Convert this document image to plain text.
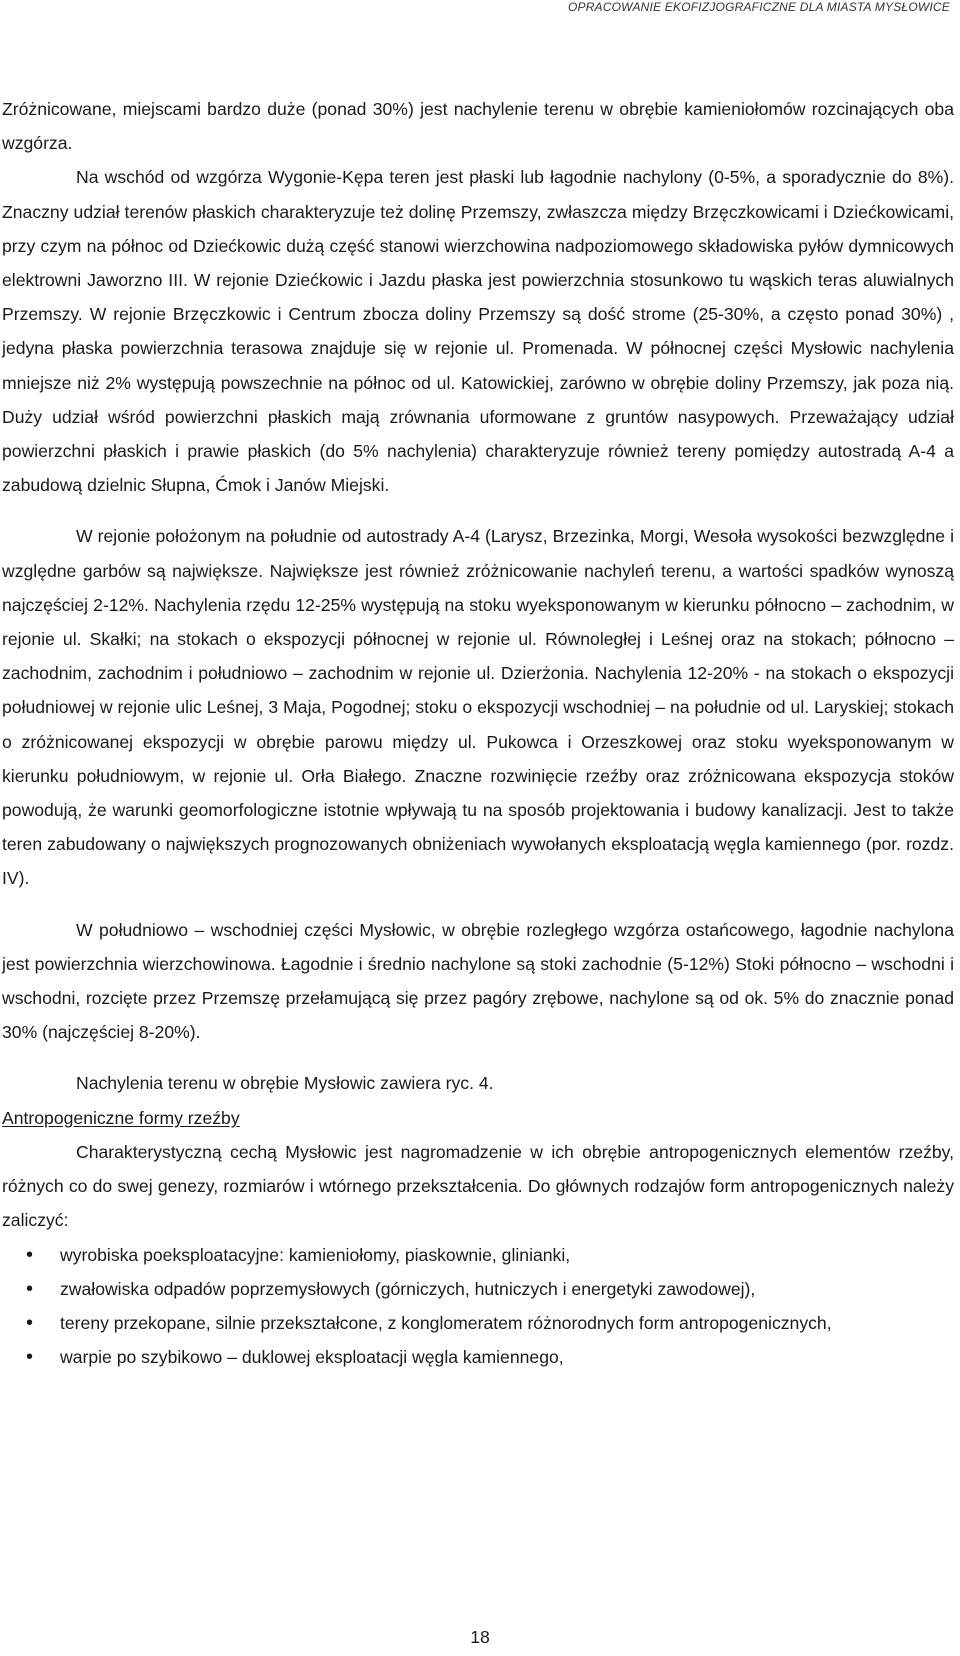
OPRACOWANIE EKOFIZJOGRAFICZNE DLA MIASTA MYSŁOWICE

Zróżnicowane, miejscami bardzo duże (ponad 30%) jest nachylenie terenu w obrębie kamieniołomów rozcinających oba wzgórza.

Na wschód od wzgórza Wygonie-Kępa teren jest płaski lub łagodnie nachylony (0-5%, a sporadycznie do 8%). Znaczny udział terenów płaskich charakteryzuje też dolinę Przemszy, zwłaszcza między Brzęczkowicami i Dziećkowicami, przy czym na północ od Dziećkowic dużą część stanowi wierzchowina nadpoziomowego składowiska pyłów dymnicowych elektrowni Jaworzno III. W rejonie Dziećkowic i Jazdu płaska jest powierzchnia stosunkowo tu wąskich teras aluwialnych Przemszy. W rejonie Brzęczkowic i Centrum zbocza doliny Przemszy są dość strome (25-30%, a często ponad 30%) , jedyna płaska powierzchnia terasowa znajduje się w rejonie ul. Promenada. W północnej części Mysłowic nachylenia mniejsze niż 2% występują powszechnie na północ od ul. Katowickiej, zarówno w obrębie doliny Przemszy, jak poza nią. Duży udział wśród powierzchni płaskich mają zrównania uformowane z gruntów nasypowych. Przeważający udział powierzchni płaskich i prawie płaskich (do 5% nachylenia) charakteryzuje również tereny pomiędzy autostradą A-4 a zabudową dzielnic Słupna, Ćmok i Janów Miejski.

W rejonie położonym na południe od autostrady A-4 (Larysz, Brzezinka, Morgi, Wesoła wysokości bezwzględne i względne garbów są największe. Największe jest również zróżnicowanie nachyleń terenu, a wartości spadków wynoszą najczęściej 2-12%. Nachylenia rzędu 12-25% występują na stoku wyeksponowanym w kierunku północno – zachodnim, w rejonie ul. Skałki; na stokach o ekspozycji północnej w rejonie ul. Równoległej i Leśnej oraz na stokach; północno – zachodnim, zachodnim i południowo – zachodnim w rejonie ul. Dzierżonia. Nachylenia 12-20% - na stokach o ekspozycji południowej w rejonie ulic Leśnej, 3 Maja, Pogodnej; stoku o ekspozycji wschodniej – na południe od ul. Laryskiej; stokach o zróżnicowanej ekspozycji w obrębie parowu między ul. Pukowca i Orzeszkowej oraz stoku wyeksponowanym w kierunku południowym, w rejonie ul. Orła Białego. Znaczne rozwinięcie rzeźby oraz zróżnicowana ekspozycja stoków powodują, że warunki geomorfologiczne istotnie wpływają tu na sposób projektowania i budowy kanalizacji. Jest to także teren zabudowany o największych prognozowanych obniżeniach wywołanych eksploatacją węgla kamiennego (por. rozdz. IV).

W południowo – wschodniej części Mysłowic, w obrębie rozległego wzgórza ostańcowego, łagodnie nachylona jest powierzchnia wierzchowinowa. Łagodnie i średnio nachylone są stoki zachodnie (5-12%) Stoki północno – wschodni i wschodni, rozcięte przez Przemszę przełamującą się przez pagóry zrębowe, nachylone są od ok. 5% do znacznie ponad 30% (najczęściej 8-20%).

Nachylenia terenu w obrębie Mysłowic zawiera ryc. 4.

Antropogeniczne formy rzeźby

Charakterystyczną cechą Mysłowic jest nagromadzenie w ich obrębie antropogenicznych elementów rzeźby, różnych co do swej genezy, rozmiarów i wtórnego przekształcenia. Do głównych rodzajów form antropogenicznych należy zaliczyć:

• wyrobiska poeksploatacyjne: kamieniołomy, piaskownie, glinianki,
• zwałowiska odpadów poprzemysłowych (górniczych, hutniczych i energetyki zawodowej),
• tereny przekopane, silnie przekształcone, z konglomeratem różnorodnych form antropogenicznych,
• warpie po szybikowo – duklowej eksploatacji węgla kamiennego,
18
